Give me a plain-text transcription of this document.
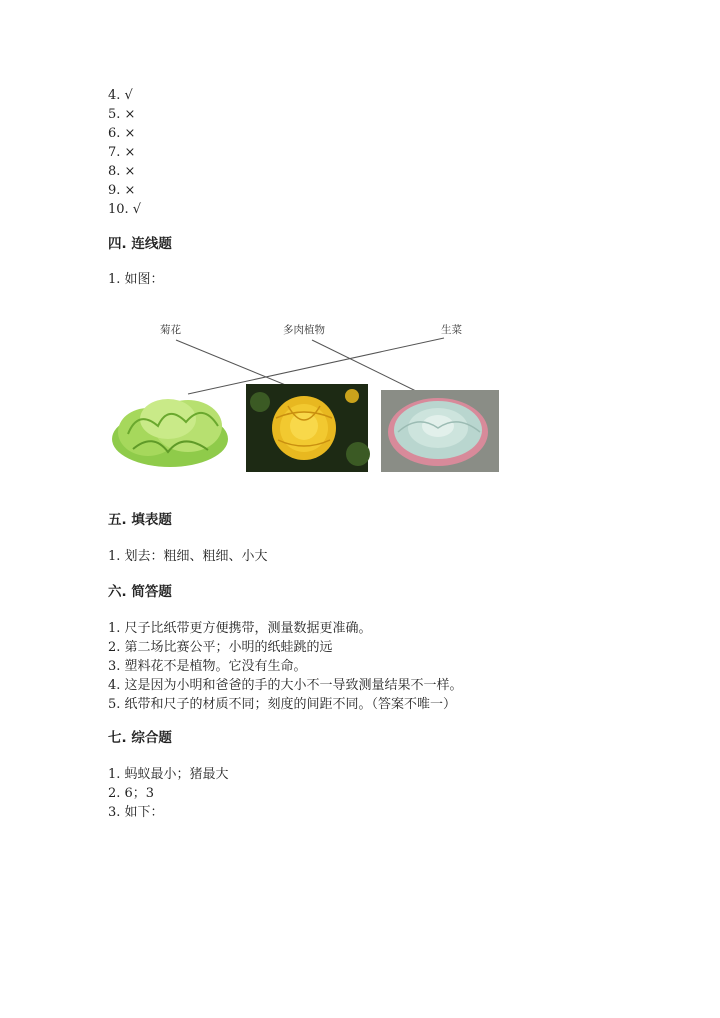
4. √
5. ×
6. ×
7. ×
8. ×
9. ×
10. √
四. 连线题
1. 如图：
菊花	多肉植物	生菜
五. 填表题
1. 划去：粗细、粗细、小大
六. 简答题
1. 尺子比纸带更方便携带，测量数据更准确。
2. 第二场比赛公平；小明的纸蛙跳的远
3. 塑料花不是植物。它没有生命。
4. 这是因为小明和爸爸的手的大小不一导致测量结果不一样。
5. 纸带和尺子的材质不同；刻度的间距不同。（答案不唯一）
七. 综合题
1. 蚂蚁最小；猪最大
2. 6；3
3. 如下：
